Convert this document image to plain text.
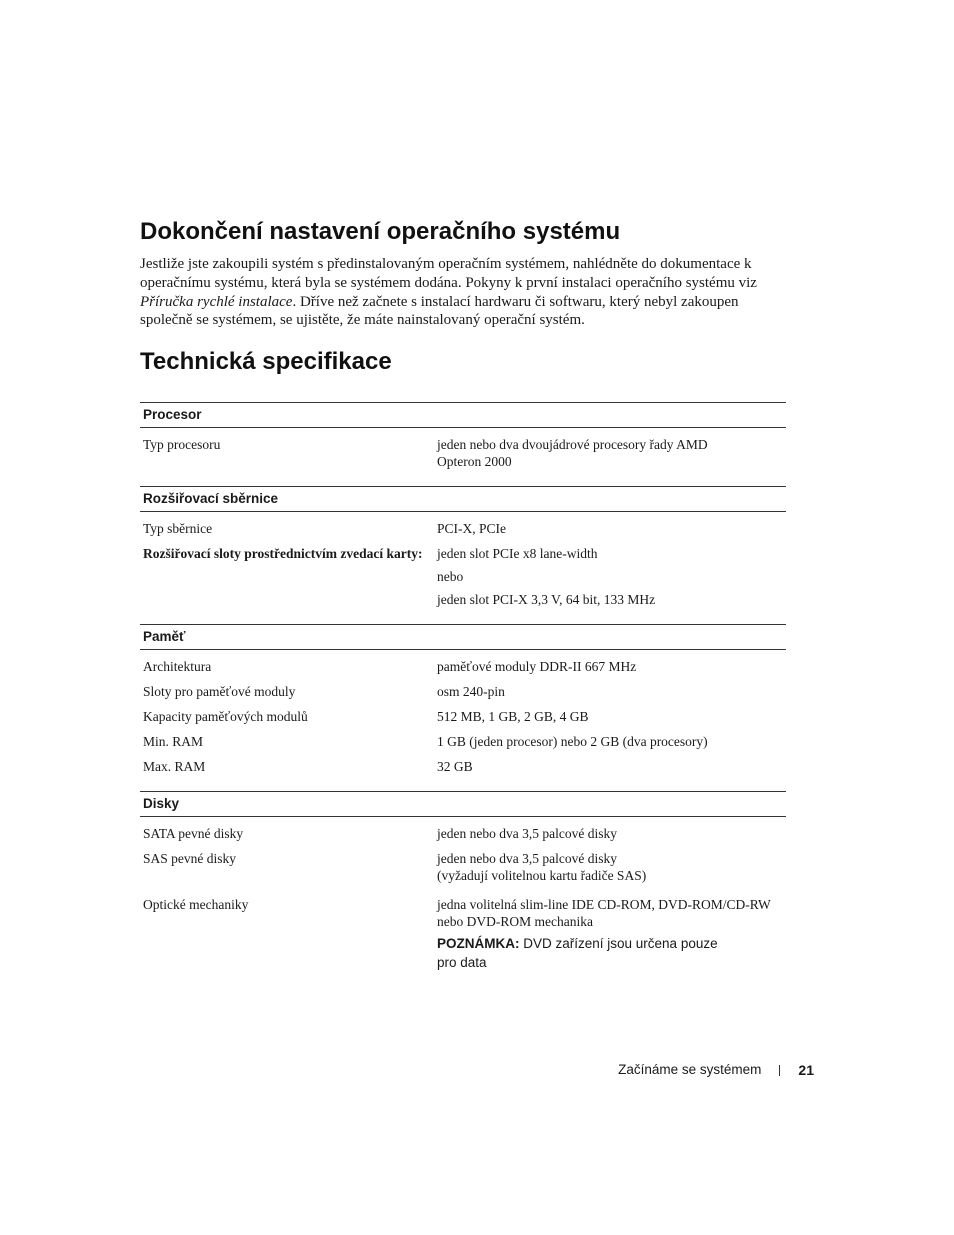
Dokončení nastavení operačního systému

Jestliže jste zakoupili systém s předinstalovaným operačním systémem, nahlédněte do dokumentace k operačnímu systému, která byla se systémem dodána. Pokyny k první instalaci operačního systému viz Příručka rychlé instalace. Dříve než začnete s instalací hardwaru či softwaru, který nebyl zakoupen společně se systémem, se ujistěte, že máte nainstalovaný operační systém.

Technická specifikace
Procesor
Typ procesoru	jeden nebo dva dvoujádrové procesory řady AMD
Opteron 2000
Rozšiřovací sběrnice
Typ sběrnice	PCI-X, PCIe
Rozšiřovací sloty prostřednictvím zvedací karty:	jeden slot PCIe x8 lane-width
nebo
jeden slot PCI-X 3,3 V, 64 bit, 133 MHz
Paměť
Architektura	paměťové moduly DDR-II 667 MHz
Sloty pro paměťové moduly	osm 240-pin
Kapacity paměťových modulů	512 MB, 1 GB, 2 GB, 4 GB
Min. RAM	1 GB (jeden procesor) nebo 2 GB (dva procesory)
Max. RAM	32 GB
Disky
SATA pevné disky	jeden nebo dva 3,5 palcové disky
SAS pevné disky	jeden nebo dva 3,5 palcové disky
(vyžadují volitelnou kartu řadiče SAS)
Optické mechaniky	jedna volitelná slim-line IDE CD-ROM, DVD-ROM/CD-RW
nebo DVD-ROM mechanika
POZNÁMKA: DVD zařízení jsou určena pouze
pro data
Začínáme se systémem	21
